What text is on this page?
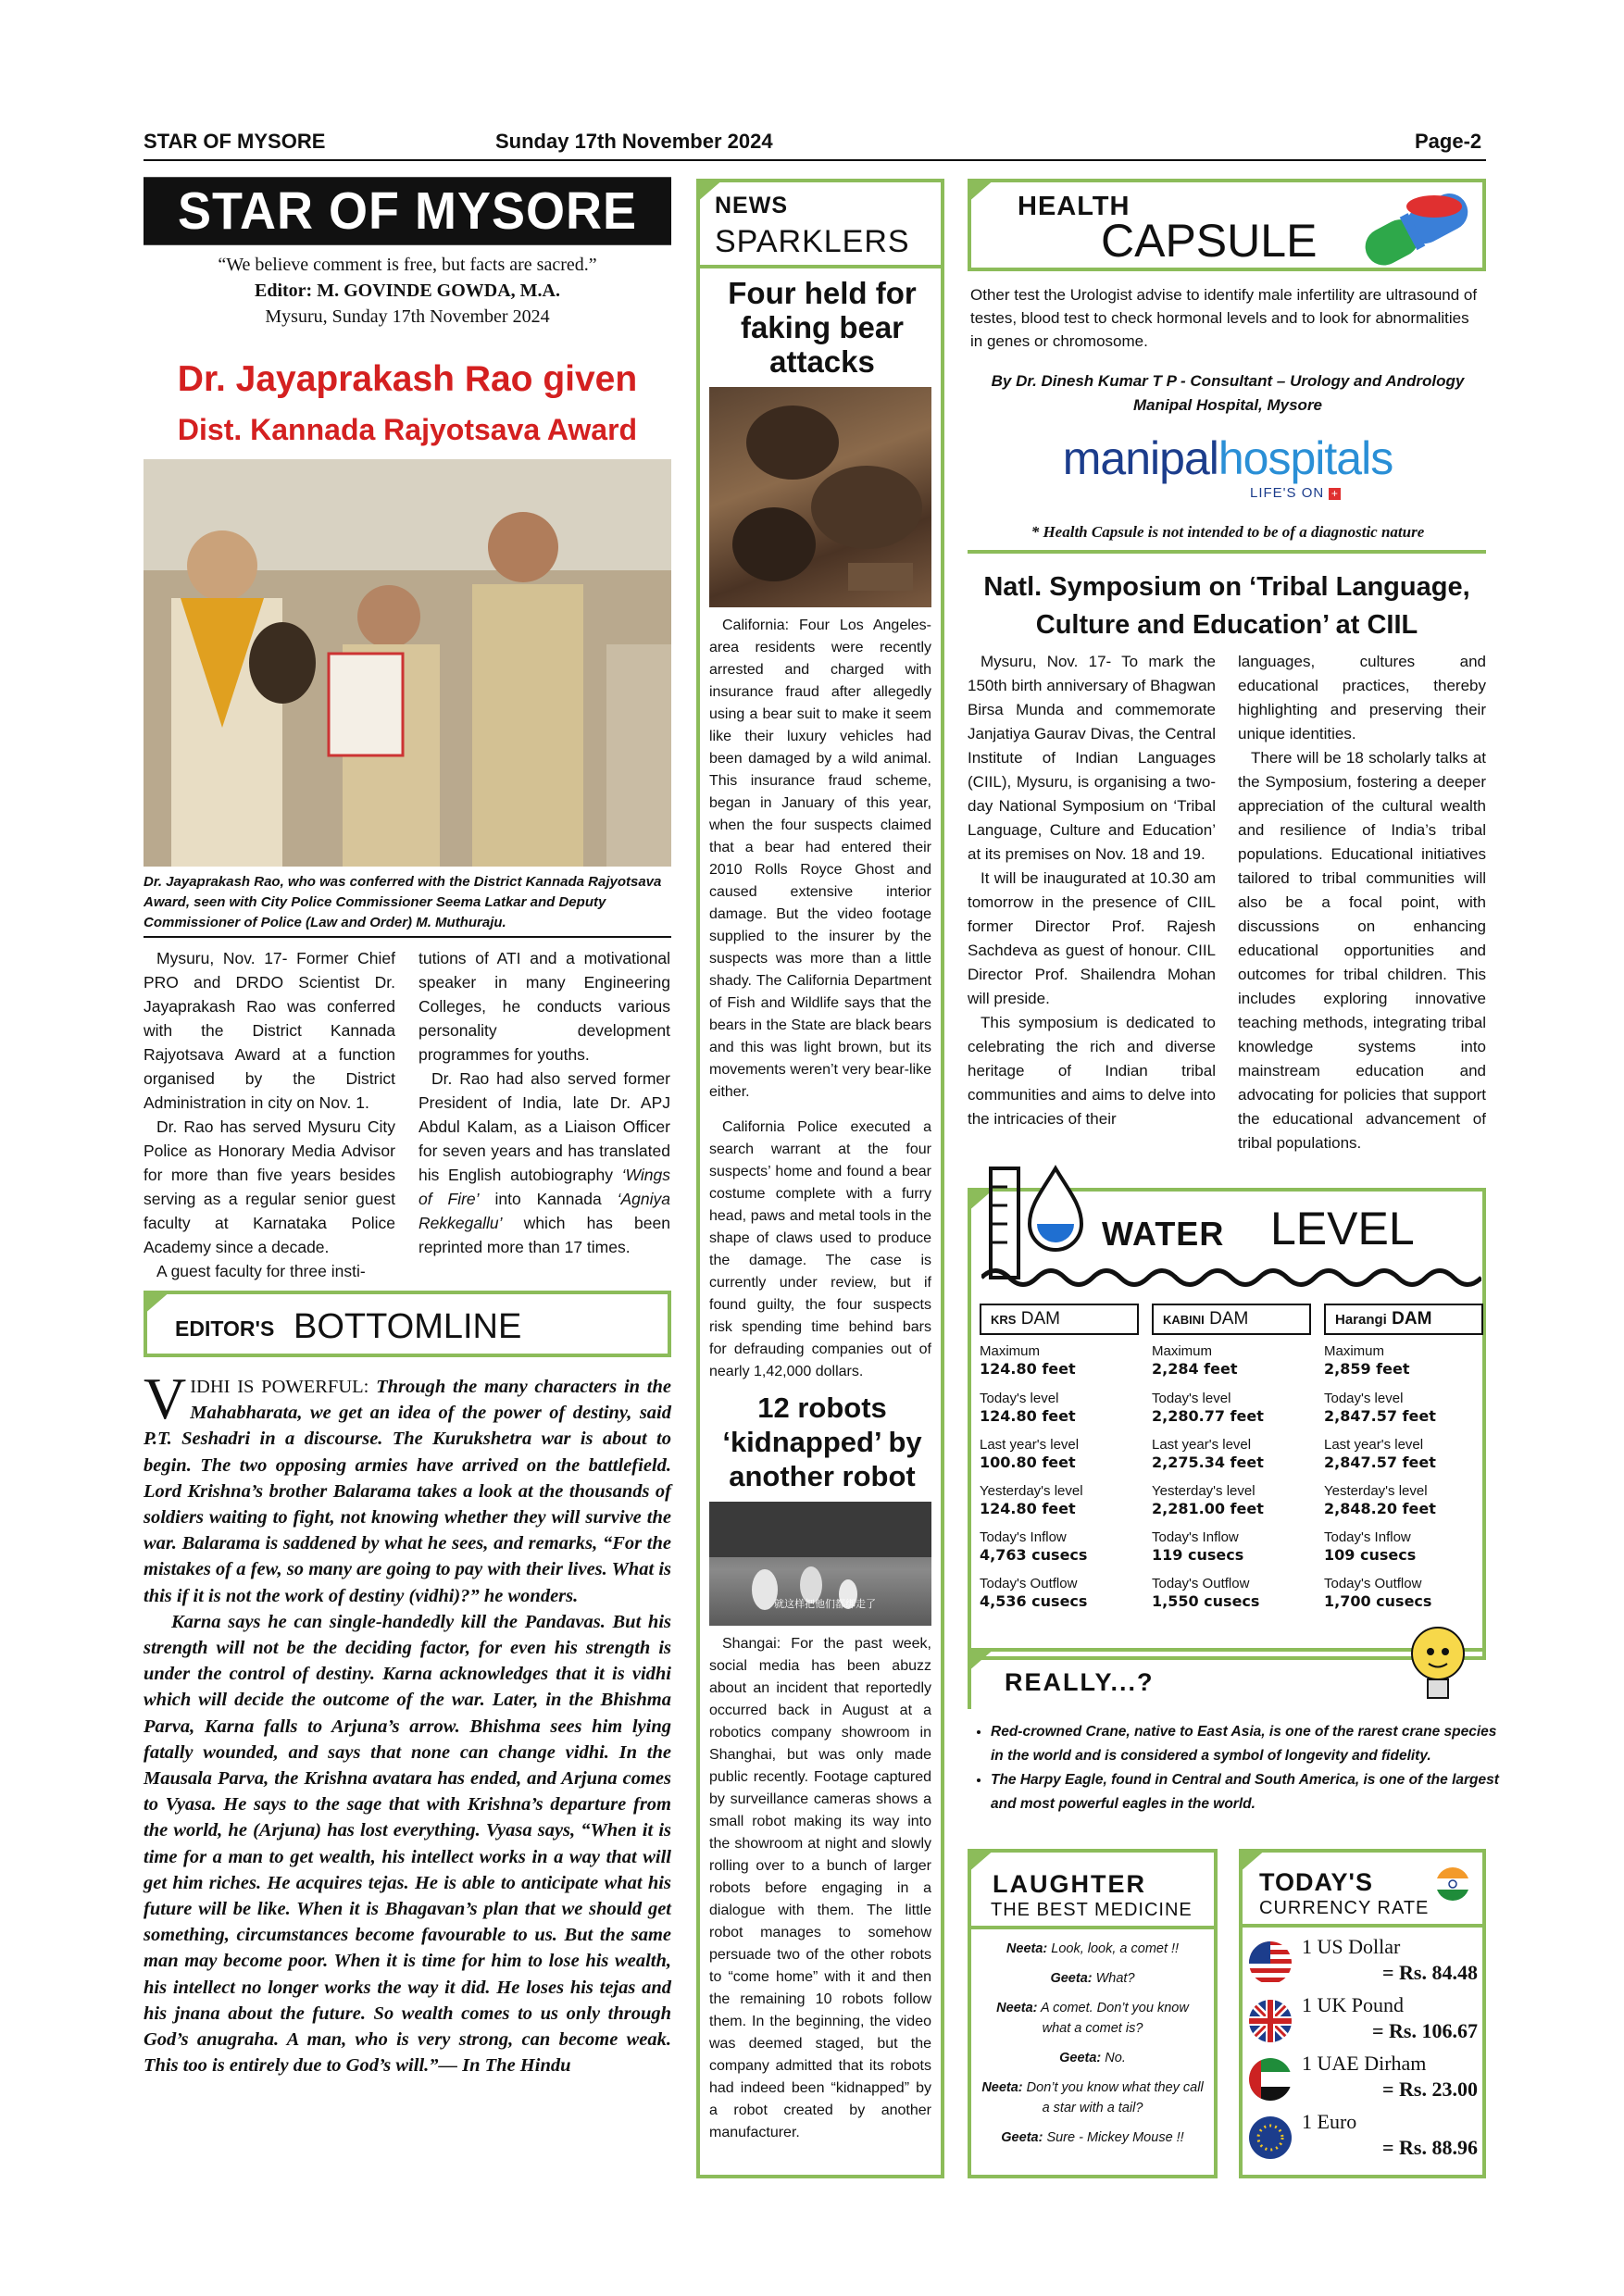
STAR OF MYSORE	Sunday 17th November 2024	Page-2
STAR OF MYSORE
“We believe comment is free, but facts are sacred.”
Editor: M. GOVINDE GOWDA, M.A.
Mysuru, Sunday 17th November 2024
Dr. Jayaprakash Rao given
Dist. Kannada Rajyotsava Award
Dr. Jayaprakash Rao, who was conferred with the District Kannada Rajyotsava Award, seen with City Police Commissioner Seema Latkar and Deputy Commissioner of Police (Law and Order) M. Muthuraju.

Mysuru, Nov. 17- Former Chief PRO and DRDO Scientist Dr. Jayaprakash Rao was conferred with the District Kannada Rajyotsava Award at a function organised by the District Administration in city on Nov. 1.

Dr. Rao has served Mysuru City Police as Honorary Media Advisor for more than five years besides serving as a regular senior guest faculty at Karnataka Police Academy since a decade.

A guest faculty for three insti-

tutions of ATI and a motivational speaker in many Engineering Colleges, he conducts various personality development programmes for youths.

Dr. Rao had also served former President of India, late Dr. APJ Abdul Kalam, as a Liaison Officer for seven years and has translated his English autobiography ‘Wings of Fire’ into Kannada ‘Agniya Rekkegallu’ which has been reprinted more than 17 times.

EDITOR'S BOTTOMLINE

VIDHI IS POWERFUL: Through the many characters in the Mahabharata, we get an idea of the power of destiny, said P.T. Seshadri in a discourse. The Kurukshetra war is about to begin. The two opposing armies have arrived on the battlefield. Lord Krishna’s brother Balarama takes a look at the thousands of soldiers waiting to fight, not knowing whether they will survive the war. Balarama is saddened by what he sees, and remarks, “For the mistakes of a few, so many are going to pay with their lives. What is this if it is not the work of destiny (vidhi)?” he wonders.

Karna says he can single-handedly kill the Pandavas. But his strength will not be the deciding factor, for even his strength is under the control of destiny. Karna acknowledges that it is vidhi which will decide the outcome of the war. Later, in the Bhishma Parva, Karna falls to Arjuna’s arrow. Bhishma sees him lying fatally wounded, and says that none can change vidhi. In the Mausala Parva, the Krishna avatara has ended, and Arjuna comes to Vyasa. He says to the sage that with Krishna’s departure from the world, he (Arjuna) has lost everything. Vyasa says, “When it is time for a man to get wealth, his intellect works in a way that will get him riches. He acquires tejas. He is able to anticipate what his future will be like. When it is Bhagavan’s plan that we should get something, circumstances become favourable to us. But the same man may become poor. When it is time for him to lose his wealth, his intellect no longer works the way it did. He loses his tejas and his jnana about the future. So wealth comes to us only through God’s anugraha. A man, who is very strong, can become weak. This too is entirely due to God’s will.”— In The Hindu

NEWS
SPARKLERS
Four held for faking bear attacks

California: Four Los Angeles-area residents were recently arrested and charged with insurance fraud after allegedly using a bear suit to make it seem like their luxury vehicles had been damaged by a wild animal. This insurance fraud scheme, began in January of this year, when the four suspects claimed that a bear had entered their 2010 Rolls Royce Ghost and caused extensive interior damage. But the video footage supplied to the insurer by the suspects was more than a little shady. The California Department of Fish and Wildlife says that the bears in the State are black bears and this was light brown, but its movements weren’t very bear-like either.

California Police executed a search warrant at the four suspects’ home and found a bear costume complete with a furry head, paws and metal tools in the shape of claws used to produce the damage. The case is currently under review, but if found guilty, the four suspects risk spending time behind bars for defrauding companies out of nearly 1,42,000 dollars.

12 robots ‘kidnapped’ by another robot
就这样把他们都绑走了

Shangai: For the past week, social media has been abuzz about an incident that reportedly occurred back in August at a robotics company showroom in Shanghai, but was only made public recently. Footage captured by surveillance cameras shows a small robot making its way into the showroom at night and slowly rolling over to a bunch of larger robots before engaging in a dialogue with them. The little robot manages to somehow persuade two of the other robots to “come home” with it and then the remaining 10 robots follow them. In the beginning, the video was deemed staged, but the company admitted that its robots had indeed been “kidnapped” by a robot created by another manufacturer.

HEALTH
CAPSULE
Other test the Urologist advise to identify male infertility are ultrasound of testes, blood test to check hormonal levels and to look for abnormalities in genes or chromosome.
By Dr. Dinesh Kumar T P - Consultant – Urology and Andrology
Manipal Hospital, Mysore
manipalhospitals
LIFE'S ON +
* Health Capsule is not intended to be of a diagnostic nature
Natl. Symposium on ‘Tribal Language,
Culture and Education’ at CIIL

Mysuru, Nov. 17- To mark the 150th birth anniversary of Bhagwan Birsa Munda and commemorate Janjatiya Gaurav Divas, the Central Institute of Indian Languages (CIIL), Mysuru, is organising a two-day National Symposium on ‘Tribal Language, Culture and Education’ at its premises on Nov. 18 and 19.

It will be inaugurated at 10.30 am tomorrow in the presence of CIIL former Director Prof. Rajesh Sachdeva as guest of honour. CIIL Director Prof. Shailendra Mohan will preside.

This symposium is dedicated to celebrating the rich and diverse heritage of Indian tribal communities and aims to delve into the intricacies of their

languages, cultures and educational practices, thereby highlighting and preserving their unique identities.

There will be 18 scholarly talks at the Symposium, fostering a deeper appreciation of the cultural wealth and resilience of India’s tribal populations. Educational initiatives tailored to tribal communities will also be a focal point, with discussions on enhancing educational opportunities and outcomes for tribal children. This includes exploring innovative teaching methods, integrating tribal knowledge systems into mainstream education and advocating for policies that support the educational advancement of tribal populations.

WATER LEVEL
KRS DAM
Maximum
124.80 feet
Today's level
124.80 feet
Last year's level
100.80 feet
Yesterday's level
124.80 feet
Today's Inflow
4,763 cusecs
Today's Outflow
4,536 cusecs
KABINI DAM
Maximum
2,284 feet
Today's level
2,280.77 feet
Last year's level
2,275.34 feet
Yesterday's level
2,281.00 feet
Today's Inflow
119 cusecs
Today's Outflow
1,550 cusecs
Harangi DAM
Maximum
2,859 feet
Today's level
2,847.57 feet
Last year's level
2,847.57 feet
Yesterday's level
2,848.20 feet
Today's Inflow
109 cusecs
Today's Outflow
1,700 cusecs
REALLY...?
• Red-crowned Crane, native to East Asia, is one of the rarest crane species in the world and is considered a symbol of longevity and fidelity.
• The Harpy Eagle, found in Central and South America, is one of the largest and most powerful eagles in the world.
LAUGHTER
THE BEST MEDICINE
Neeta: Look, look, a comet !!
Geeta: What?
Neeta: A comet. Don’t you know what a comet is?
Geeta: No.
Neeta: Don’t you know what they call a star with a tail?
Geeta: Sure - Mickey Mouse !!
TODAY'S
CURRENCY RATE
1 US Dollar
= Rs. 84.48
1 UK Pound
= Rs. 106.67
1 UAE Dirham
= Rs. 23.00
1 Euro
= Rs. 88.96
